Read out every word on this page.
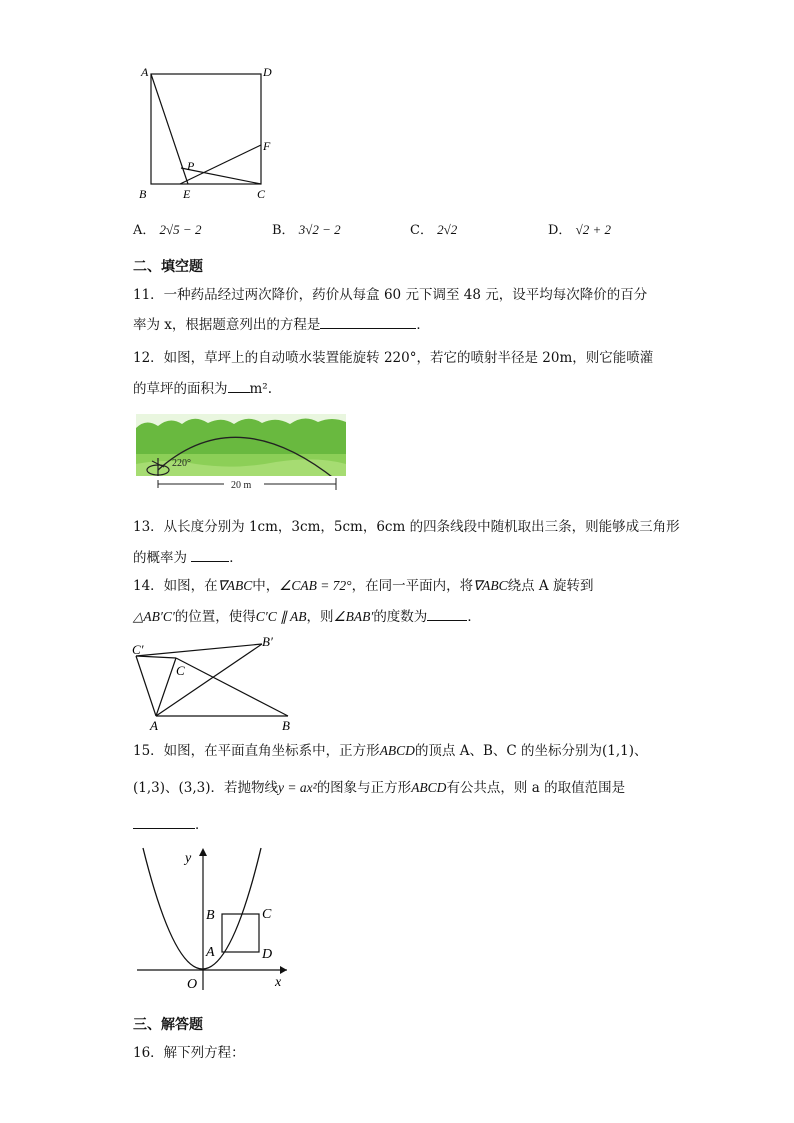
A	D
B	C
E
F
P
A． 2√5 − 2	B． 3√2 − 2	C． 2√2	D． √2 + 2
二、填空题
11．一种药品经过两次降价，药价从每盒 60 元下调至 48 元，设平均每次降价的百分
率为 x，根据题意列出的方程是	．
12．如图，草坪上的自动喷水装置能旋转 220°，若它的喷射半径是 20m，则它能喷灌
的草坪的面积为 m².
220°
20 m
13．从长度分别为 1cm，3cm，5cm，6cm 的四条线段中随机取出三条，则能够成三角形
的概率为	．
14．如图，在∇ABC中，∠CAB = 72°，在同一平面内，将∇ABC绕点 A 旋转到
△AB′C′的位置，使得C′C ∥ AB，则∠BAB′的度数为	．
C′
B′
C
A	B
15．如图，在平面直角坐标系中，正方形ABCD的顶点 A、B、C 的坐标分别为(1,1)、
(1,3)、(3,3)．若抛物线y = ax²的图象与正方形ABCD有公共点，则 a 的取值范围是
．
y
x
O
A
B	C
D
三、解答题
16．解下列方程：
